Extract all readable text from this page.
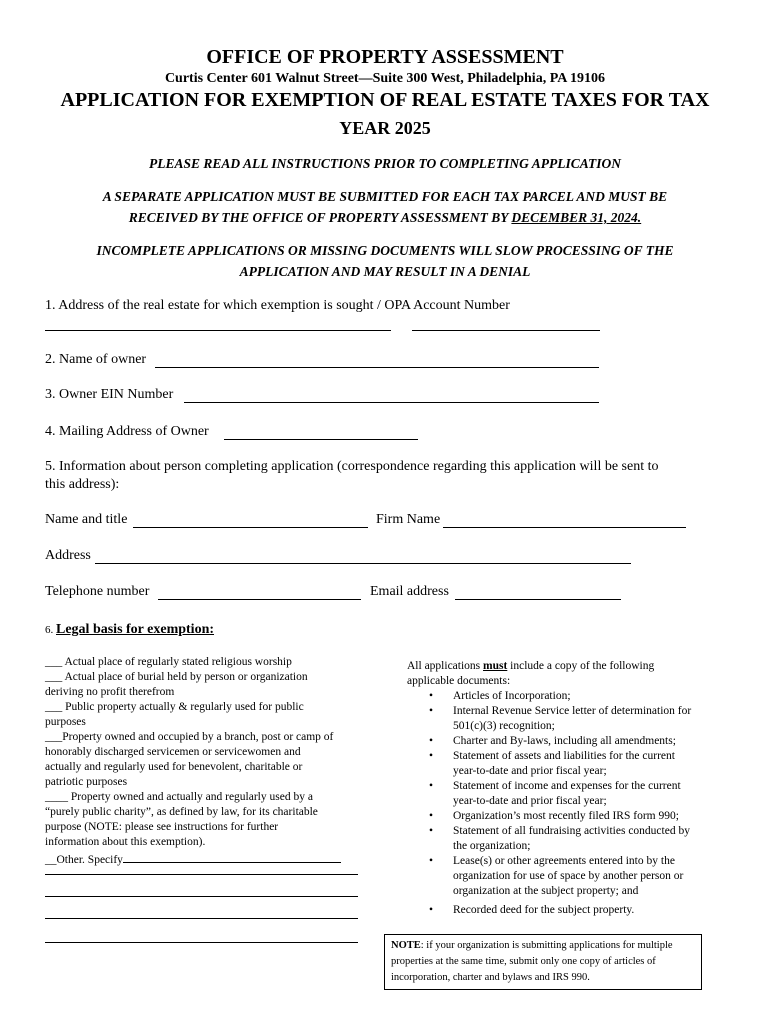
OFFICE OF PROPERTY ASSESSMENT
Curtis Center 601 Walnut Street—Suite 300 West, Philadelphia, PA 19106
APPLICATION FOR EXEMPTION OF REAL ESTATE TAXES FOR TAX
YEAR 2025
PLEASE READ ALL INSTRUCTIONS PRIOR TO COMPLETING APPLICATION
A SEPARATE APPLICATION MUST BE SUBMITTED FOR EACH TAX PARCEL AND MUST BE
RECEIVED BY THE OFFICE OF PROPERTY ASSESSMENT BY DECEMBER 31, 2024.
INCOMPLETE APPLICATIONS OR MISSING DOCUMENTS WILL SLOW PROCESSING OF THE
APPLICATION AND MAY RESULT IN A DENIAL
1. Address of the real estate for which exemption is sought / OPA Account Number
2. Name of owner
3. Owner EIN Number
4. Mailing Address of Owner
5. Information about person completing application (correspondence regarding this application will be sent to
this address):
Name and title	Firm Name
Address
Telephone number	Email address
6. Legal basis for exemption:
___ Actual place of regularly stated religious worship
___ Actual place of burial held by person or organization
deriving no profit therefrom
___ Public property actually & regularly used for public
purposes
___Property owned and occupied by a branch, post or camp of
honorably discharged servicemen or servicewomen and
actually and regularly used for benevolent, charitable or
patriotic purposes
____ Property owned and actually and regularly used by a
“purely public charity”, as defined by law, for its charitable
purpose (NOTE: please see instructions for further
information about this exemption).
__Other. Specify
All applications must include a copy of the following
applicable documents:
• Articles of Incorporation;
• Internal Revenue Service letter of determination for
501(c)(3) recognition;
• Charter and By-laws, including all amendments;
• Statement of assets and liabilities for the current
year-to-date and prior fiscal year;
• Statement of income and expenses for the current
year-to-date and prior fiscal year;
• Organization’s most recently filed IRS form 990;
• Statement of all fundraising activities conducted by
the organization;
• Lease(s) or other agreements entered into by the
organization for use of space by another person or
organization at the subject property; and
• Recorded deed for the subject property.
NOTE: if your organization is submitting applications for multiple properties at the same time, submit only one copy of articles of incorporation, charter and bylaws and IRS 990.
